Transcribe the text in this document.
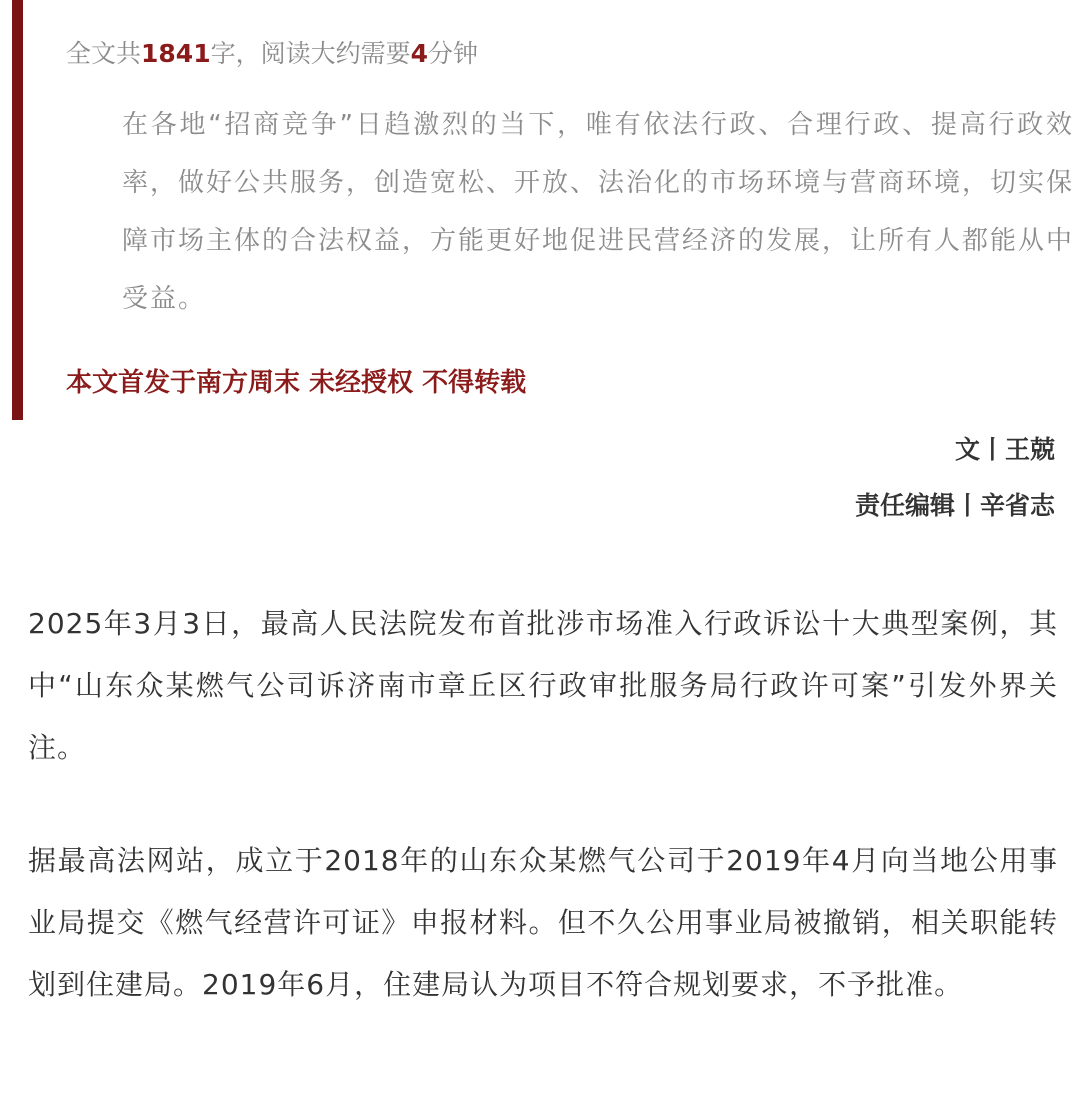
全文共1841字，阅读大约需要4分钟

在各地“招商竞争”日趋激烈的当下，唯有依法行政、合理行政、提高行政效率，做好公共服务，创造宽松、开放、法治化的市场环境与营商环境，切实保障市场主体的合法权益，方能更好地促进民营经济的发展，让所有人都能从中受益。

本文首发于南方周末 未经授权 不得转载
文丨王兢
责任编辑丨辛省志

2025年3月3日，最高人民法院发布首批涉市场准入行政诉讼十大典型案例，其中“山东众某燃气公司诉济南市章丘区行政审批服务局行政许可案”引发外界关注。

据最高法网站，成立于2018年的山东众某燃气公司于2019年4月向当地公用事业局提交《燃气经营许可证》申报材料。但不久公用事业局被撤销，相关职能转划到住建局。2019年6月，住建局认为项目不符合规划要求，不予批准。
